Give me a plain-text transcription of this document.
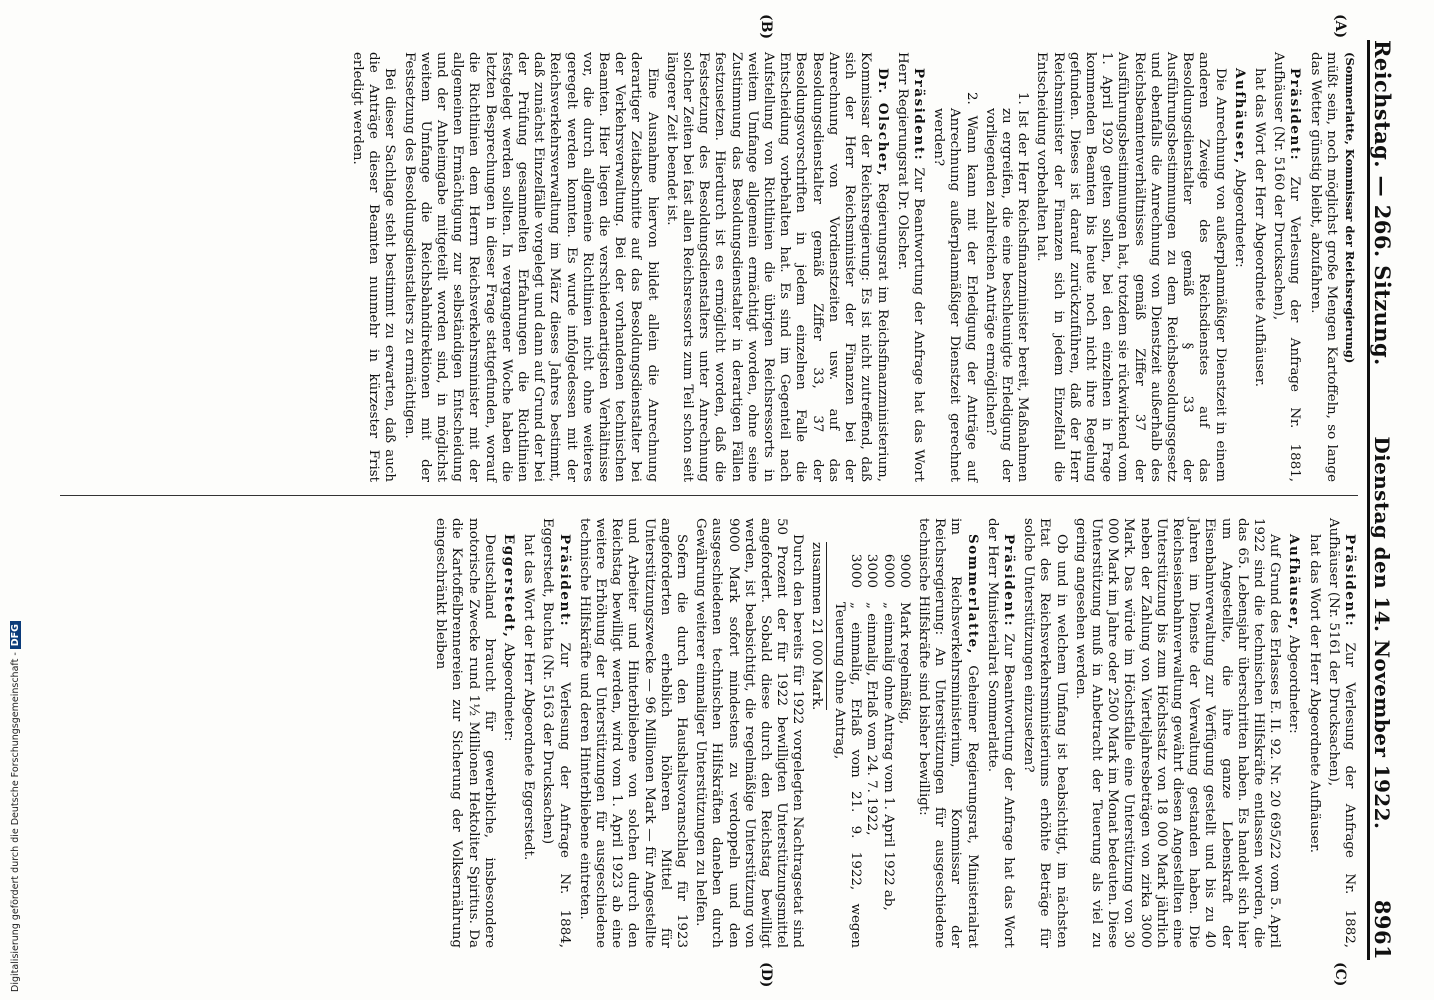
Reichstag. — 266. Sitzung.
Dienstag den 14. November 1922.
8961
(A)
(B)
(C)
(D)

(Sommerlatte, Kommissar der Reichsregierung)

müßt sein, noch möglichst große Mengen Kartoffeln, so lange das Wetter günstig bleibt, abzufahren.

Präsident: Zur Verlesung der Anfrage Nr. 1881, Aufhäuser (Nr. 5160 der Drucksachen),

hat das Wort der Herr Abgeordnete Aufhäuser.

Aufhäuser, Abgeordneter:

Die Anrechnung von außerplanmäßiger Dienstzeit in einem anderen Zweige des Reichsdienstes auf das Besoldungsdienstalter gemäß § 33 der Ausführungsbestimmungen zu dem Reichsbesoldungsgesetz und ebenfalls die Anrechnung von Dienstzeit außerhalb des Reichsbeamtenverhältnisses gemäß Ziffer 37 der Ausführungsbestimmungen hat, trotzdem sie rückwirkend vom 1. April 1920 gelten sollen, bei den einzelnen in Frage kommenden Beamten bis heute noch nicht ihre Regelung gefunden. Dieses ist darauf zurückzuführen, daß der Herr Reichsminister der Finanzen sich in jedem Einzelfall die Entscheidung vorbehalten hat.

1. Ist der Herr Reichsfinanzminister bereit, Maßnahmen zu ergreifen, die eine beschleunigte Erledigung der vorliegenden zahlreichen Anträge ermöglichen?

2. Wann kann mit der Erledigung der Anträge auf Anrechnung außerplanmäßiger Dienstzeit gerechnet werden?

Präsident: Zur Beantwortung der Anfrage hat das Wort Herr Regierungsrat Dr. Olscher.

Dr. Olscher, Regierungsrat im Reichsfinanzministerium, Kommissar der Reichsregierung: Es ist nicht zutreffend, daß sich der Herr Reichsminister der Finanzen bei der Anrechnung von Vordienstzeiten usw. auf das Besoldungsdienstalter gemäß Ziffer 33, 37 der Besoldungsvorschriften in jedem einzelnen Falle die Entscheidung vorbehalten hat. Es sind im Gegenteil nach Aufstellung von Richtlinien die übrigen Reichsressorts in weitem Umfange allgemein ermächtigt worden, ohne seine Zustimmung das Besoldungsdienstalter in derartigen Fällen festzusetzen. Hierdurch ist es ermöglicht worden, daß die Festsetzung des Besoldungsdienstalters unter Anrechnung solcher Zeiten bei fast allen Reichsressorts zum Teil schon seit längerer Zeit beendet ist.

Eine Ausnahme hiervon bildet allein die Anrechnung derartiger Zeitabschnitte auf das Besoldungsdienstalter bei der Verkehrsverwaltung. Bei der vorhandenen technischen Beamten. Hier liegen die verschiedenartigsten Verhältnisse vor, die durch allgemeine Richtlinien nicht ohne weiteres geregelt werden konnten. Es wurde infolgedessen mit der Reichsverkehrsverwaltung im März dieses Jahres bestimmt, daß zunächst Einzelfälle vorgelegt und dann auf Grund der bei der Prüfung gesammelten Erfahrungen die Richtlinien festgelegt werden sollten. In vergangener Woche haben die letzten Besprechungen in dieser Frage stattgefunden, worauf die Richtlinien dem Herrn Reichsverkehrsminister mit der allgemeinen Ermächtigung zur selbständigen Entscheidung und der Anheimgabe mitgeteilt worden sind, in möglichst weitem Umfange die Reichsbahndirektionen mit der Festsetzung des Besoldungsdienstalters zu ermächtigen.

Bei dieser Sachlage steht bestimmt zu erwarten, daß auch die Anträge dieser Beamten nunmehr in kürzester Frist erledigt werden.

Präsident: Zur Verlesung der Anfrage Nr. 1882, Aufhäuser (Nr. 5161 der Drucksachen),

hat das Wort der Herr Abgeordnete Aufhäuser.

Aufhäuser, Abgeordneter:

Auf Grund des Erlasses E. II. 92. Nr. 20 695/22 vom 5. April 1922 sind die technischen Hilfskräfte entlassen worden, die das 65. Lebensjahr überschritten haben. Es handelt sich hier um Angestellte, die ihre ganze Lebenskraft der Eisenbahnverwaltung zur Verfügung gestellt und bis zu 40 Jahren im Dienste der Verwaltung gestanden haben. Die Reichseisenbahnverwaltung gewährt diesen Angestellten eine Unterstützung bis zum Höchstsatz von 18 000 Mark jährlich neben der Zahlung von Vierteljahresbeträgen von zirka 3000 Mark. Das würde im Höchstfalle eine Unterstützung von 30 000 Mark im Jahre oder 2500 Mark im Monat bedeuten. Diese Unterstützung muß in Anbetracht der Teuerung als viel zu gering angesehen werden.

Ob und in welchem Umfang ist beabsichtigt, im nächsten Etat des Reichsverkehrsministeriums erhöhte Beträge für solche Unterstützungen einzusetzen?

Präsident: Zur Beantwortung der Anfrage hat das Wort der Herr Ministerialrat Sommerlatte.

Sommerlatte, Geheimer Regierungsrat, Ministerialrat im Reichsverkehrsministerium, Kommissar der Reichsregierung: An Unterstützungen für ausgeschiedene technische Hilfskräfte sind bisher bewilligt:

9000
Mark regelmäßig,
6000
„ einmalig ohne Antrag vom 1. April 1922 ab,
3000
„ einmalig, Erlaß vom 24. 7. 1922,
3000
„ einmalig, Erlaß vom 21. 9. 1922, wegen Teuerung ohne Antrag,
zusammen 21 000 Mark.

Durch den bereits für 1922 vorgelegten Nachtragsetat sind 50 Prozent der für 1922 bewilligten Unterstützungsmittel angefordert. Sobald diese durch den Reichstag bewilligt werden, ist beabsichtigt, die regelmäßige Unterstützung von 9000 Mark sofort mindestens zu verdoppeln und den ausgeschiedenen technischen Hilfskräften daneben durch Gewährung weiterer einmaliger Unterstützungen zu helfen.

Sofern die durch den Haushaltsvoranschlag für 1923 angeforderten erheblich höheren Mittel für Unterstützungszwecke — 96 Millionen Mark — für Angestellte und Arbeiter und Hinterbliebene von solchen durch den Reichstag bewilligt werden, wird vom 1. April 1923 ab eine weitere Erhöhung der Unterstützungen für ausgeschiedene technische Hilfskräfte und deren Hinterbliebene eintreten.

Präsident: Zur Verlesung der Anfrage Nr. 1884, Eggerstedt, Buchta (Nr. 5163 der Drucksachen)

hat das Wort der Herr Abgeordnete Eggerstedt.

Eggerstedt, Abgeordneter:

Deutschland braucht für gewerbliche, insbesondere motorische Zwecke rund 1½ Millionen Hektoliter Spiritus. Da die Kartoffelbrennereien zur Sicherung der Volksernährung eingeschränkt bleiben

Digitalisierung gefördert durch die Deutsche Forschungsgemeinschaft -DFG
